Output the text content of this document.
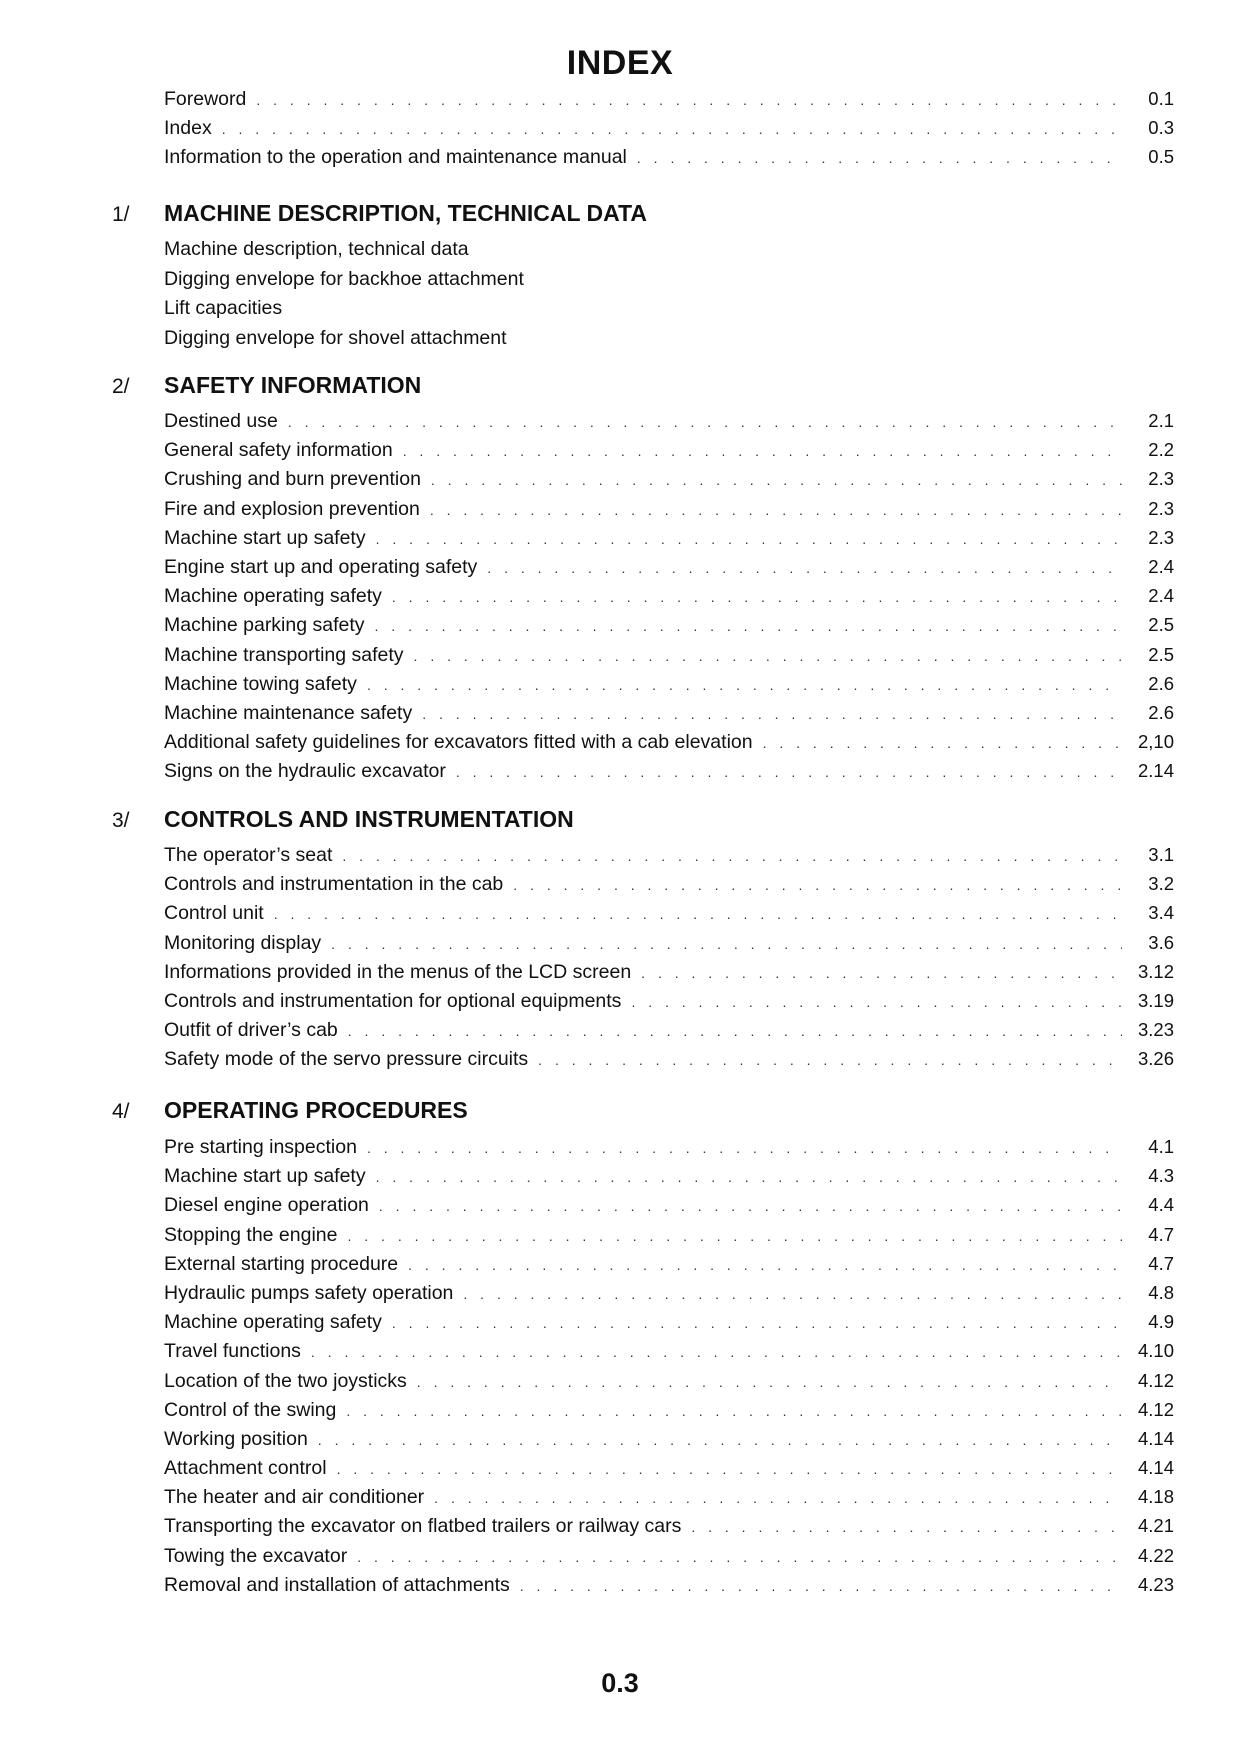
INDEX
Foreword . . .	0.1
Index . . .	0.3
Information to the operation and maintenance manual . . .	0.5
1/	MACHINE DESCRIPTION, TECHNICAL DATA
Machine description, technical data
Digging envelope for backhoe attachment
Lift capacities
Digging envelope for shovel attachment
2/	SAFETY INFORMATION
Destined use . . .	2.1
General safety information . . .	2.2
Crushing and burn prevention . . .	2.3
Fire and explosion prevention . . .	2.3
Machine start up safety . . .	2.3
Engine start up and operating safety . . .	2.4
Machine operating safety . . .	2.4
Machine parking safety . . .	2.5
Machine transporting safety . . .	2.5
Machine towing safety . . .	2.6
Machine maintenance safety . . .	2.6
Additional safety guidelines for excavators fitted with a cab elevation . . .	2,10
Signs on the hydraulic excavator . . .	2.14
3/	CONTROLS AND INSTRUMENTATION
The operator’s seat . . .	3.1
Controls and instrumentation in the cab . . .	3.2
Control unit . . .	3.4
Monitoring display . . .	3.6
Informations provided in the menus of the LCD screen . . .	3.12
Controls and instrumentation for optional equipments . . .	3.19
Outfit of driver’s cab . . .	3.23
Safety mode of the servo pressure circuits . . .	3.26
4/	OPERATING PROCEDURES
Pre starting inspection . . .	4.1
Machine start up safety . . .	4.3
Diesel engine operation . . .	4.4
Stopping the engine . . .	4.7
External starting procedure . . .	4.7
Hydraulic pumps safety operation . . .	4.8
Machine operating safety . . .	4.9
Travel functions . . .	4.10
Location of the two joysticks . . .	4.12
Control of the swing . . .	4.12
Working position . . .	4.14
Attachment control . . .	4.14
The heater and air conditioner . . .	4.18
Transporting the excavator on flatbed trailers or railway cars . . .	4.21
Towing the excavator . . .	4.22
Removal and installation of attachments . . .	4.23
0.3
